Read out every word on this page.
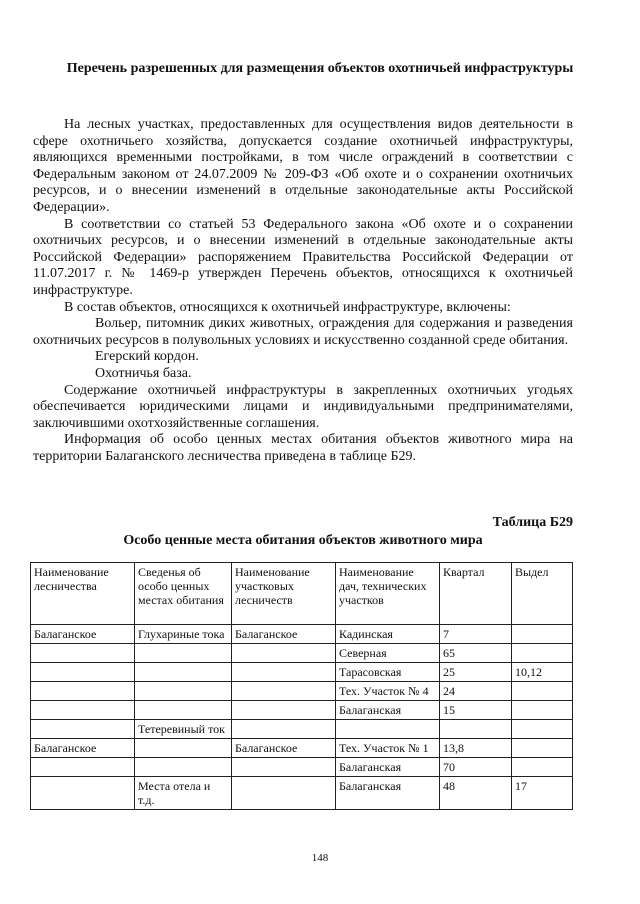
Перечень разрешенных для размещения объектов охотничьей инфраструктуры

На лесных участках, предоставленных для осуществления видов деятельности в сфере охотничьего хозяйства, допускается создание охотничьей инфраструктуры, являющихся временными постройками, в том числе ограждений в соответствии с Федеральным законом от 24.07.2009 № 209-ФЗ «Об охоте и о сохранении охотничьих ресурсов, и о внесении изменений в отдельные законодательные акты Российской Федерации».

В соответствии со статьей 53 Федерального закона «Об охоте и о сохранении охотничьих ресурсов, и о внесении изменений в отдельные законодательные акты Российской Федерации» распоряжением Правительства Российской Федерации от 11.07.2017 г. № 1469-р утвержден Перечень объектов, относящихся к охотничьей инфраструктуре.

В состав объектов, относящихся к охотничьей инфраструктуре, включены:

Вольер, питомник диких животных, ограждения для содержания и разведения охотничьих ресурсов в полувольных условиях и искусственно созданной среде обитания.

Егерский кордон.

Охотничья база.

Содержание охотничьей инфраструктуры в закрепленных охотничьих угодьях обеспечивается юридическими лицами и индивидуальными предпринимателями, заключившими охотхозяйственные соглашения.

Информация об особо ценных местах обитания объектов животного мира на территории Балаганского лесничества приведена в таблице Б29.

Таблица Б29
Особо ценные места обитания объектов животного мира
Наименование лесничества	Сведенья об особо ценных местах обитания	Наименование участковых лесничеств	Наименование дач, технических участков	Квартал	Выдел
Балаганское	Глухариные тока	Балаганское	Кадинская	7	
			Северная	65	
			Тарасовская	25	10,12
			Тех. Участок № 4	24	
			Балаганская	15	
	Тетеревиный ток				
Балаганское		Балаганское	Тех. Участок № 1	13,8	
			Балаганская	70	
	Места отела и т.д.		Балаганская	48	17
148
